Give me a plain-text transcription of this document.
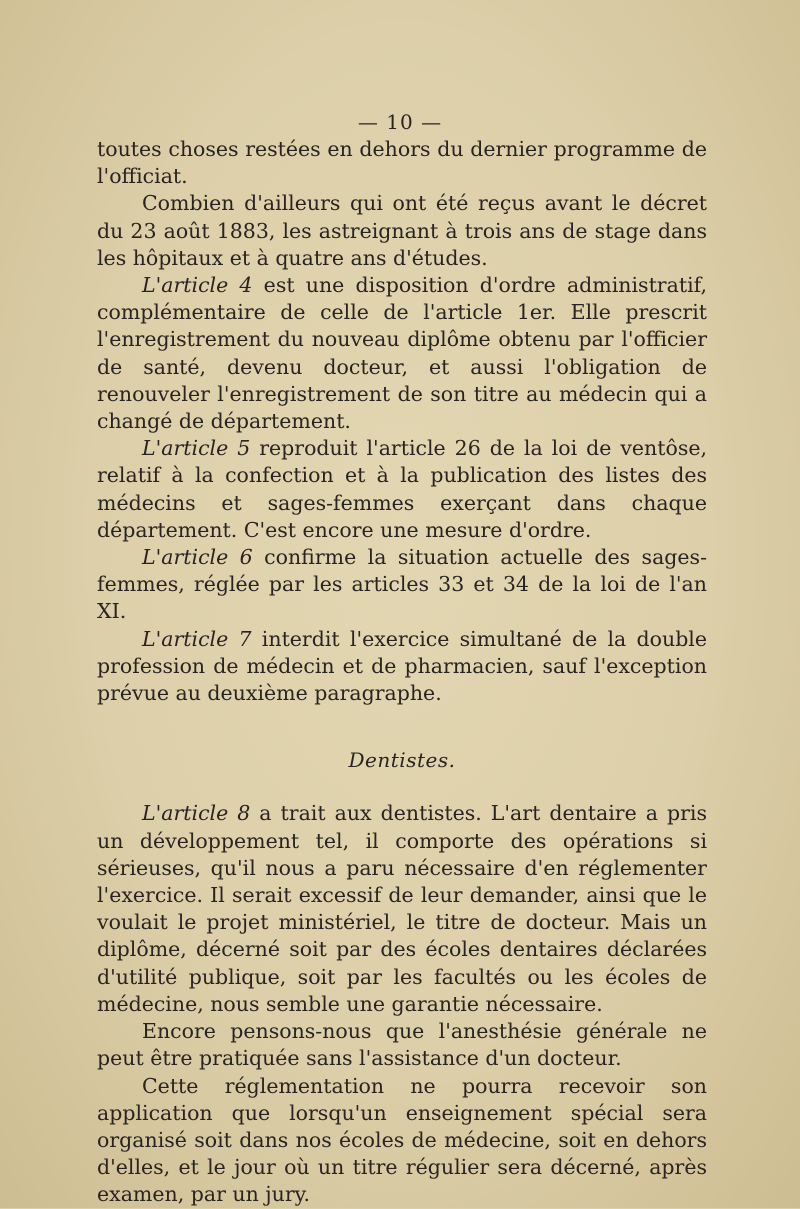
— 10 —

toutes choses restées en dehors du dernier programme de l'officiat.

Combien d'ailleurs qui ont été reçus avant le décret du 23 août 1883, les astreignant à trois ans de stage dans les hôpitaux et à quatre ans d'études.

L'article 4 est une disposition d'ordre administratif, complémentaire de celle de l'article 1er. Elle prescrit l'enregistrement du nouveau diplôme obtenu par l'officier de santé, devenu docteur, et aussi l'obligation de renouveler l'enregistrement de son titre au médecin qui a changé de département.

L'article 5 reproduit l'article 26 de la loi de ventôse, relatif à la confection et à la publication des listes des médecins et sages-femmes exerçant dans chaque département. C'est encore une mesure d'ordre.

L'article 6 confirme la situation actuelle des sages-femmes, réglée par les articles 33 et 34 de la loi de l'an XI.

L'article 7 interdit l'exercice simultané de la double profession de médecin et de pharmacien, sauf l'exception prévue au deuxième paragraphe.

Dentistes.

L'article 8 a trait aux dentistes. L'art dentaire a pris un développement tel, il comporte des opérations si sérieuses, qu'il nous a paru nécessaire d'en réglementer l'exercice. Il serait excessif de leur demander, ainsi que le voulait le projet ministériel, le titre de docteur. Mais un diplôme, décerné soit par des écoles dentaires déclarées d'utilité publique, soit par les facultés ou les écoles de médecine, nous semble une garantie nécessaire.

Encore pensons-nous que l'anesthésie générale ne peut être pratiquée sans l'assistance d'un docteur.

Cette réglementation ne pourra recevoir son application que lorsqu'un enseignement spécial sera organisé soit dans nos écoles de médecine, soit en dehors d'elles, et le jour où un titre régulier sera décerné, après examen, par un jury.
